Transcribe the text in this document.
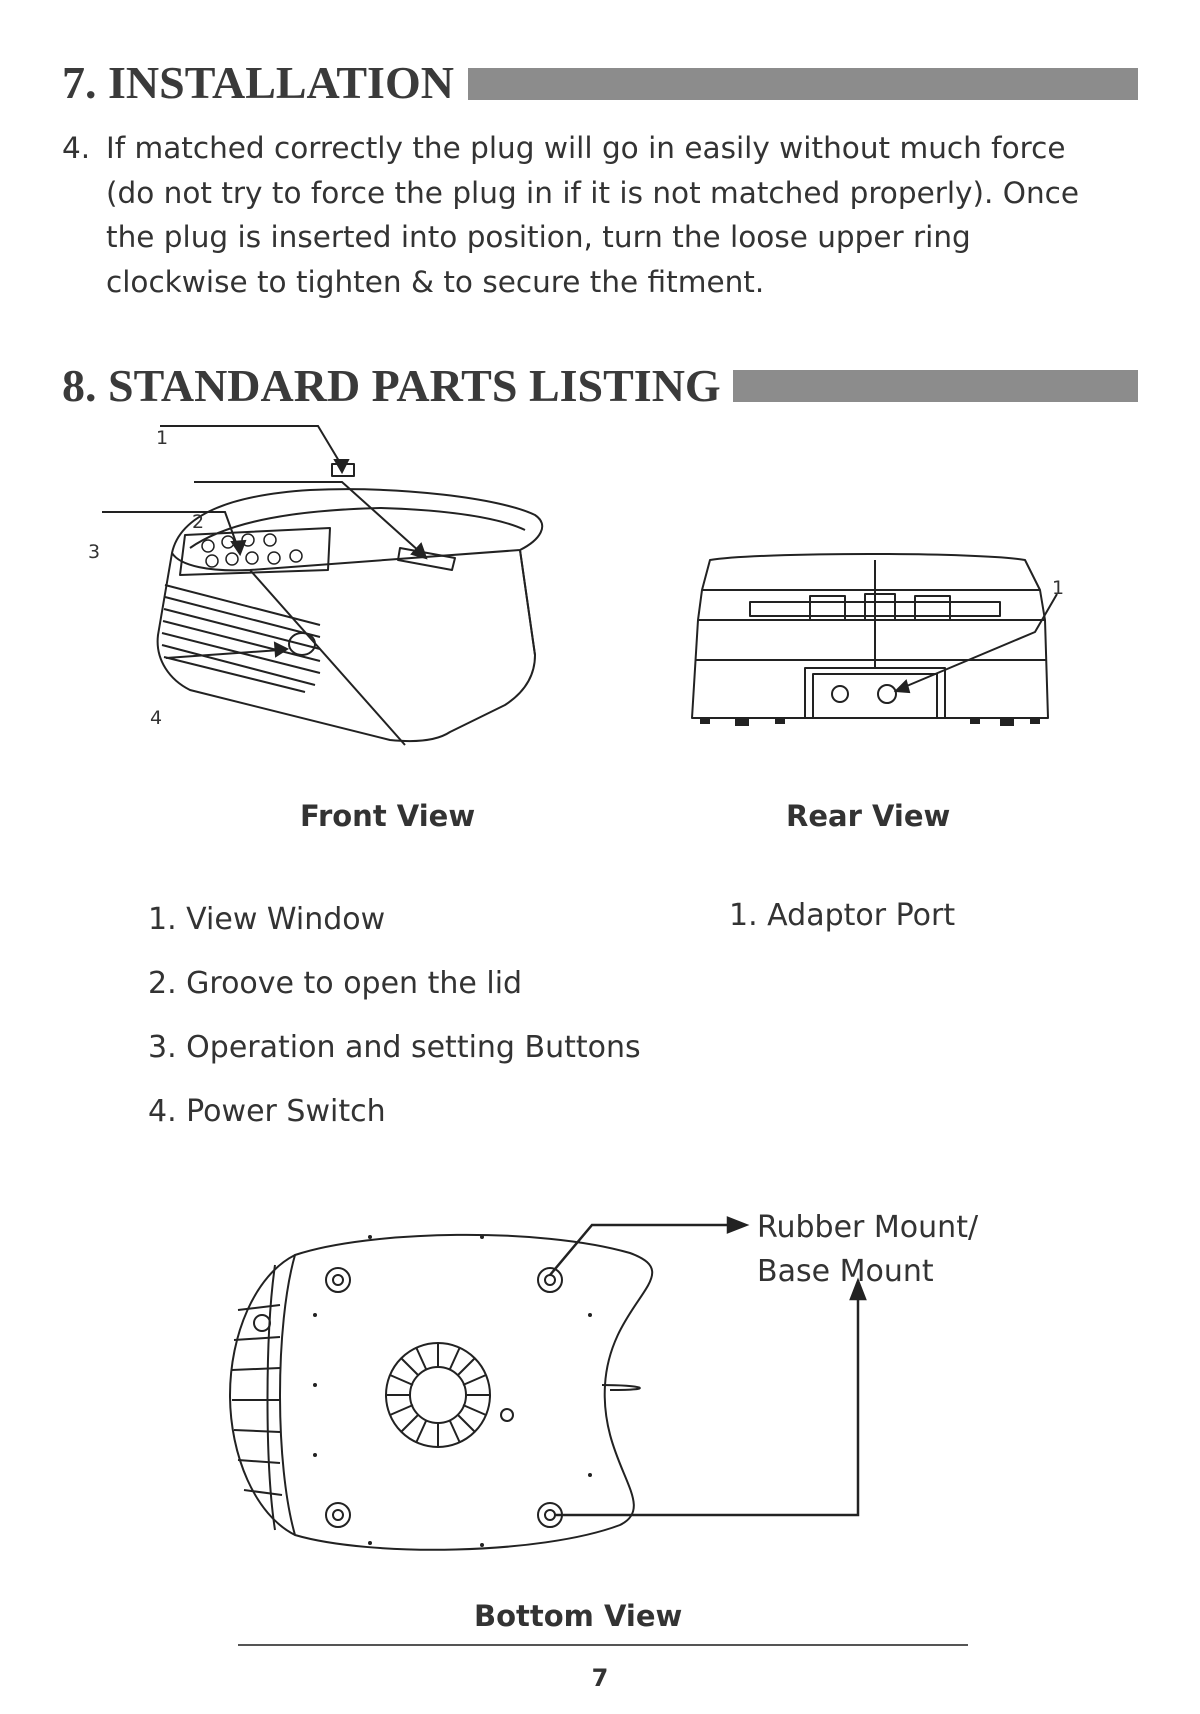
7. INSTALLATION

4. If matched correctly the plug will go in easily without much force
(do not try to force the plug in if it is not matched properly). Once
the plug is inserted into position, turn the loose upper ring
clockwise to tighten & to secure the fitment.

8. STANDARD PARTS LISTING
1
2
3
4
1
Front View	Rear View
1. View Window
2. Groove to open the lid
3. Operation and setting Buttons
4. Power Switch
1. Adaptor Port
Rubber Mount/
Base Mount
Bottom View
7
